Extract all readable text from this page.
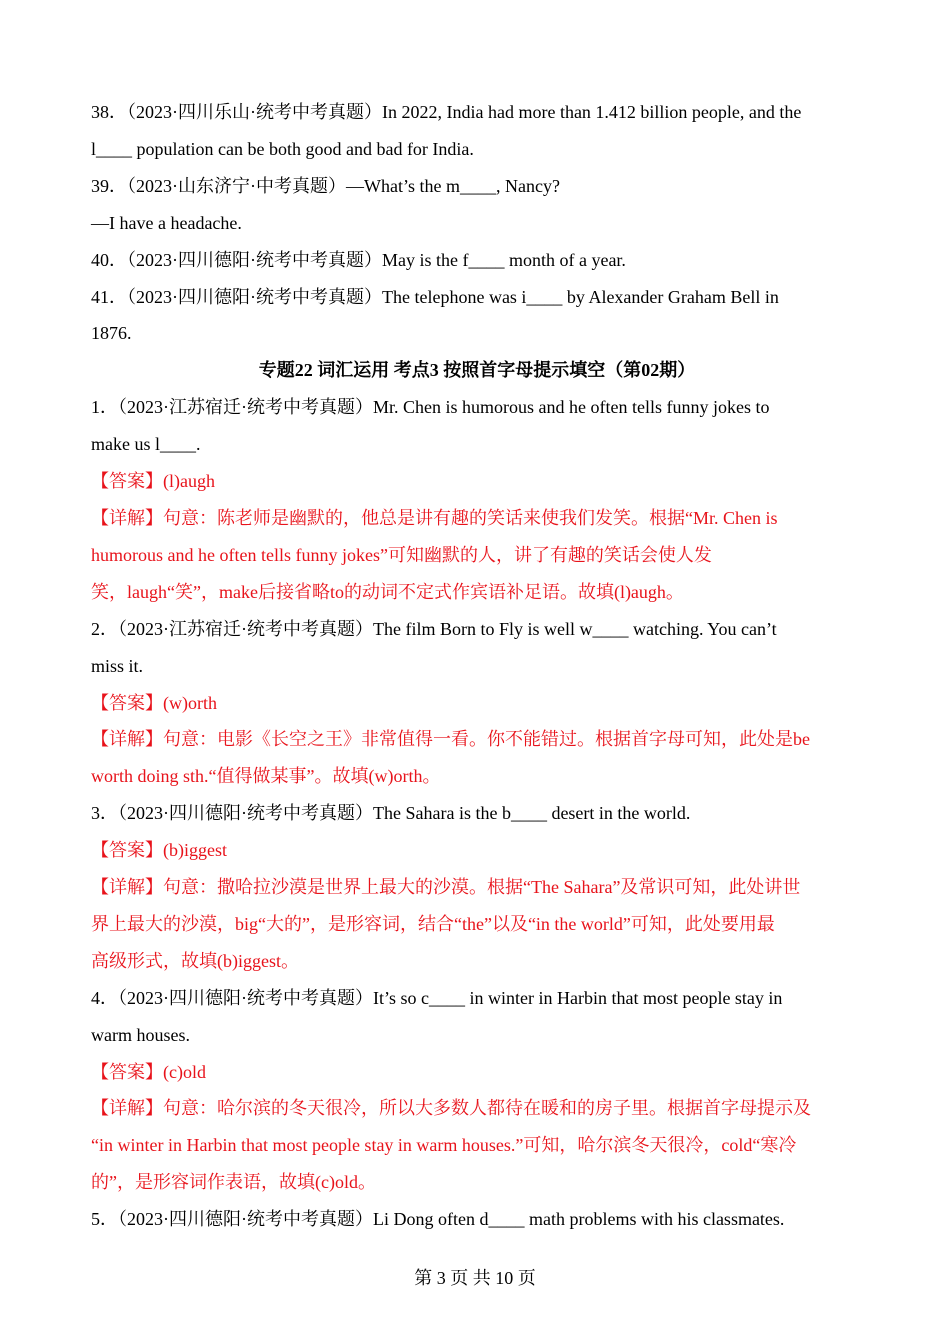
38．（2023·四川乐山·统考中考真题）In 2022, India had more than 1.412 billion people, and the
l____ population can be both good and bad for India.
39．（2023·山东济宁·中考真题）—What’s the m____, Nancy?
—I have a headache.
40．（2023·四川德阳·统考中考真题）May is the f____ month of a year.
41．（2023·四川德阳·统考中考真题）The telephone was i____ by Alexander Graham Bell in
1876.
专题22 词汇运用 考点3 按照首字母提示填空（第02期）
1．（2023·江苏宿迁·统考中考真题）Mr. Chen is humorous and he often tells funny jokes to
make us l____.
【答案】(l)augh
【详解】句意：陈老师是幽默的，他总是讲有趣的笑话来使我们发笑。根据“Mr. Chen is
humorous and he often tells funny jokes”可知幽默的人，讲了有趣的笑话会使人发
笑，laugh“笑”，make后接省略to的动词不定式作宾语补足语。故填(l)augh。
2．（2023·江苏宿迁·统考中考真题）The film Born to Fly is well w____ watching. You can’t
miss it.
【答案】(w)orth
【详解】句意：电影《长空之王》非常值得一看。你不能错过。根据首字母可知，此处是be
worth doing sth.“值得做某事”。故填(w)orth。
3．（2023·四川德阳·统考中考真题）The Sahara is the b____ desert in the world.
【答案】(b)iggest
【详解】句意：撒哈拉沙漠是世界上最大的沙漠。根据“The Sahara”及常识可知，此处讲世
界上最大的沙漠，big“大的”，是形容词，结合“the”以及“in the world”可知，此处要用最
高级形式，故填(b)iggest。
4．（2023·四川德阳·统考中考真题）It’s so c____ in winter in Harbin that most people stay in
warm houses.
【答案】(c)old
【详解】句意：哈尔滨的冬天很冷，所以大多数人都待在暖和的房子里。根据首字母提示及
“in winter in Harbin that most people stay in warm houses.”可知，哈尔滨冬天很冷，cold“寒冷
的”，是形容词作表语，故填(c)old。
5．（2023·四川德阳·统考中考真题）Li Dong often d____ math problems with his classmates.
第 3 页 共 10 页
